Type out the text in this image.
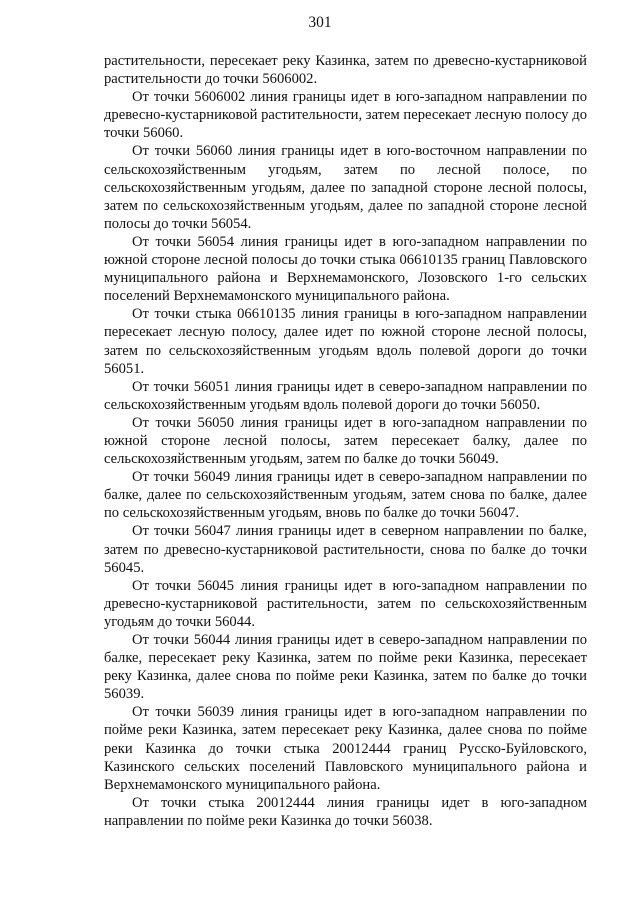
301

растительности, пересекает реку Казинка, затем по древесно-кустарниковой растительности до точки 5606002.

От точки 5606002 линия границы идет в юго-западном направлении по древесно-кустарниковой растительности, затем пересекает лесную полосу до точки 56060.

От точки 56060 линия границы идет в юго-восточном направлении по сельскохозяйственным угодьям, затем по лесной полосе, по сельскохозяйственным угодьям, далее по западной стороне лесной полосы, затем по сельскохозяйственным угодьям, далее по западной стороне лесной полосы до точки 56054.

От точки 56054 линия границы идет в юго-западном направлении по южной стороне лесной полосы до точки стыка 06610135 границ Павловского муниципального района и Верхнемамонского, Лозовского 1-го сельских поселений Верхнемамонского муниципального района.

От точки стыка 06610135 линия границы в юго-западном направлении пересекает лесную полосу, далее идет по южной стороне лесной полосы, затем по сельскохозяйственным угодьям вдоль полевой дороги до точки 56051.

От точки 56051 линия границы идет в северо-западном направлении по сельскохозяйственным угодьям вдоль полевой дороги до точки 56050.

От точки 56050 линия границы идет в юго-западном направлении по южной стороне лесной полосы, затем пересекает балку, далее по сельскохозяйственным угодьям, затем по балке до точки 56049.

От точки 56049 линия границы идет в северо-западном направлении по балке, далее по сельскохозяйственным угодьям, затем снова по балке, далее по сельскохозяйственным угодьям, вновь по балке до точки 56047.

От точки 56047 линия границы идет в северном направлении по балке, затем по древесно-кустарниковой растительности, снова по балке до точки 56045.

От точки 56045 линия границы идет в юго-западном направлении по древесно-кустарниковой растительности, затем по сельскохозяйственным угодьям до точки 56044.

От точки 56044 линия границы идет в северо-западном направлении по балке, пересекает реку Казинка, затем по пойме реки Казинка, пересекает реку Казинка, далее снова по пойме реки Казинка, затем по балке до точки 56039.

От точки 56039 линия границы идет в юго-западном направлении по пойме реки Казинка, затем пересекает реку Казинка, далее снова по пойме реки Казинка до точки стыка 20012444 границ Русско-Буйловского, Казинского сельских поселений Павловского муниципального района и Верхнемамонского муниципального района.

От точки стыка 20012444 линия границы идет в юго-западном направлении по пойме реки Казинка до точки 56038.
